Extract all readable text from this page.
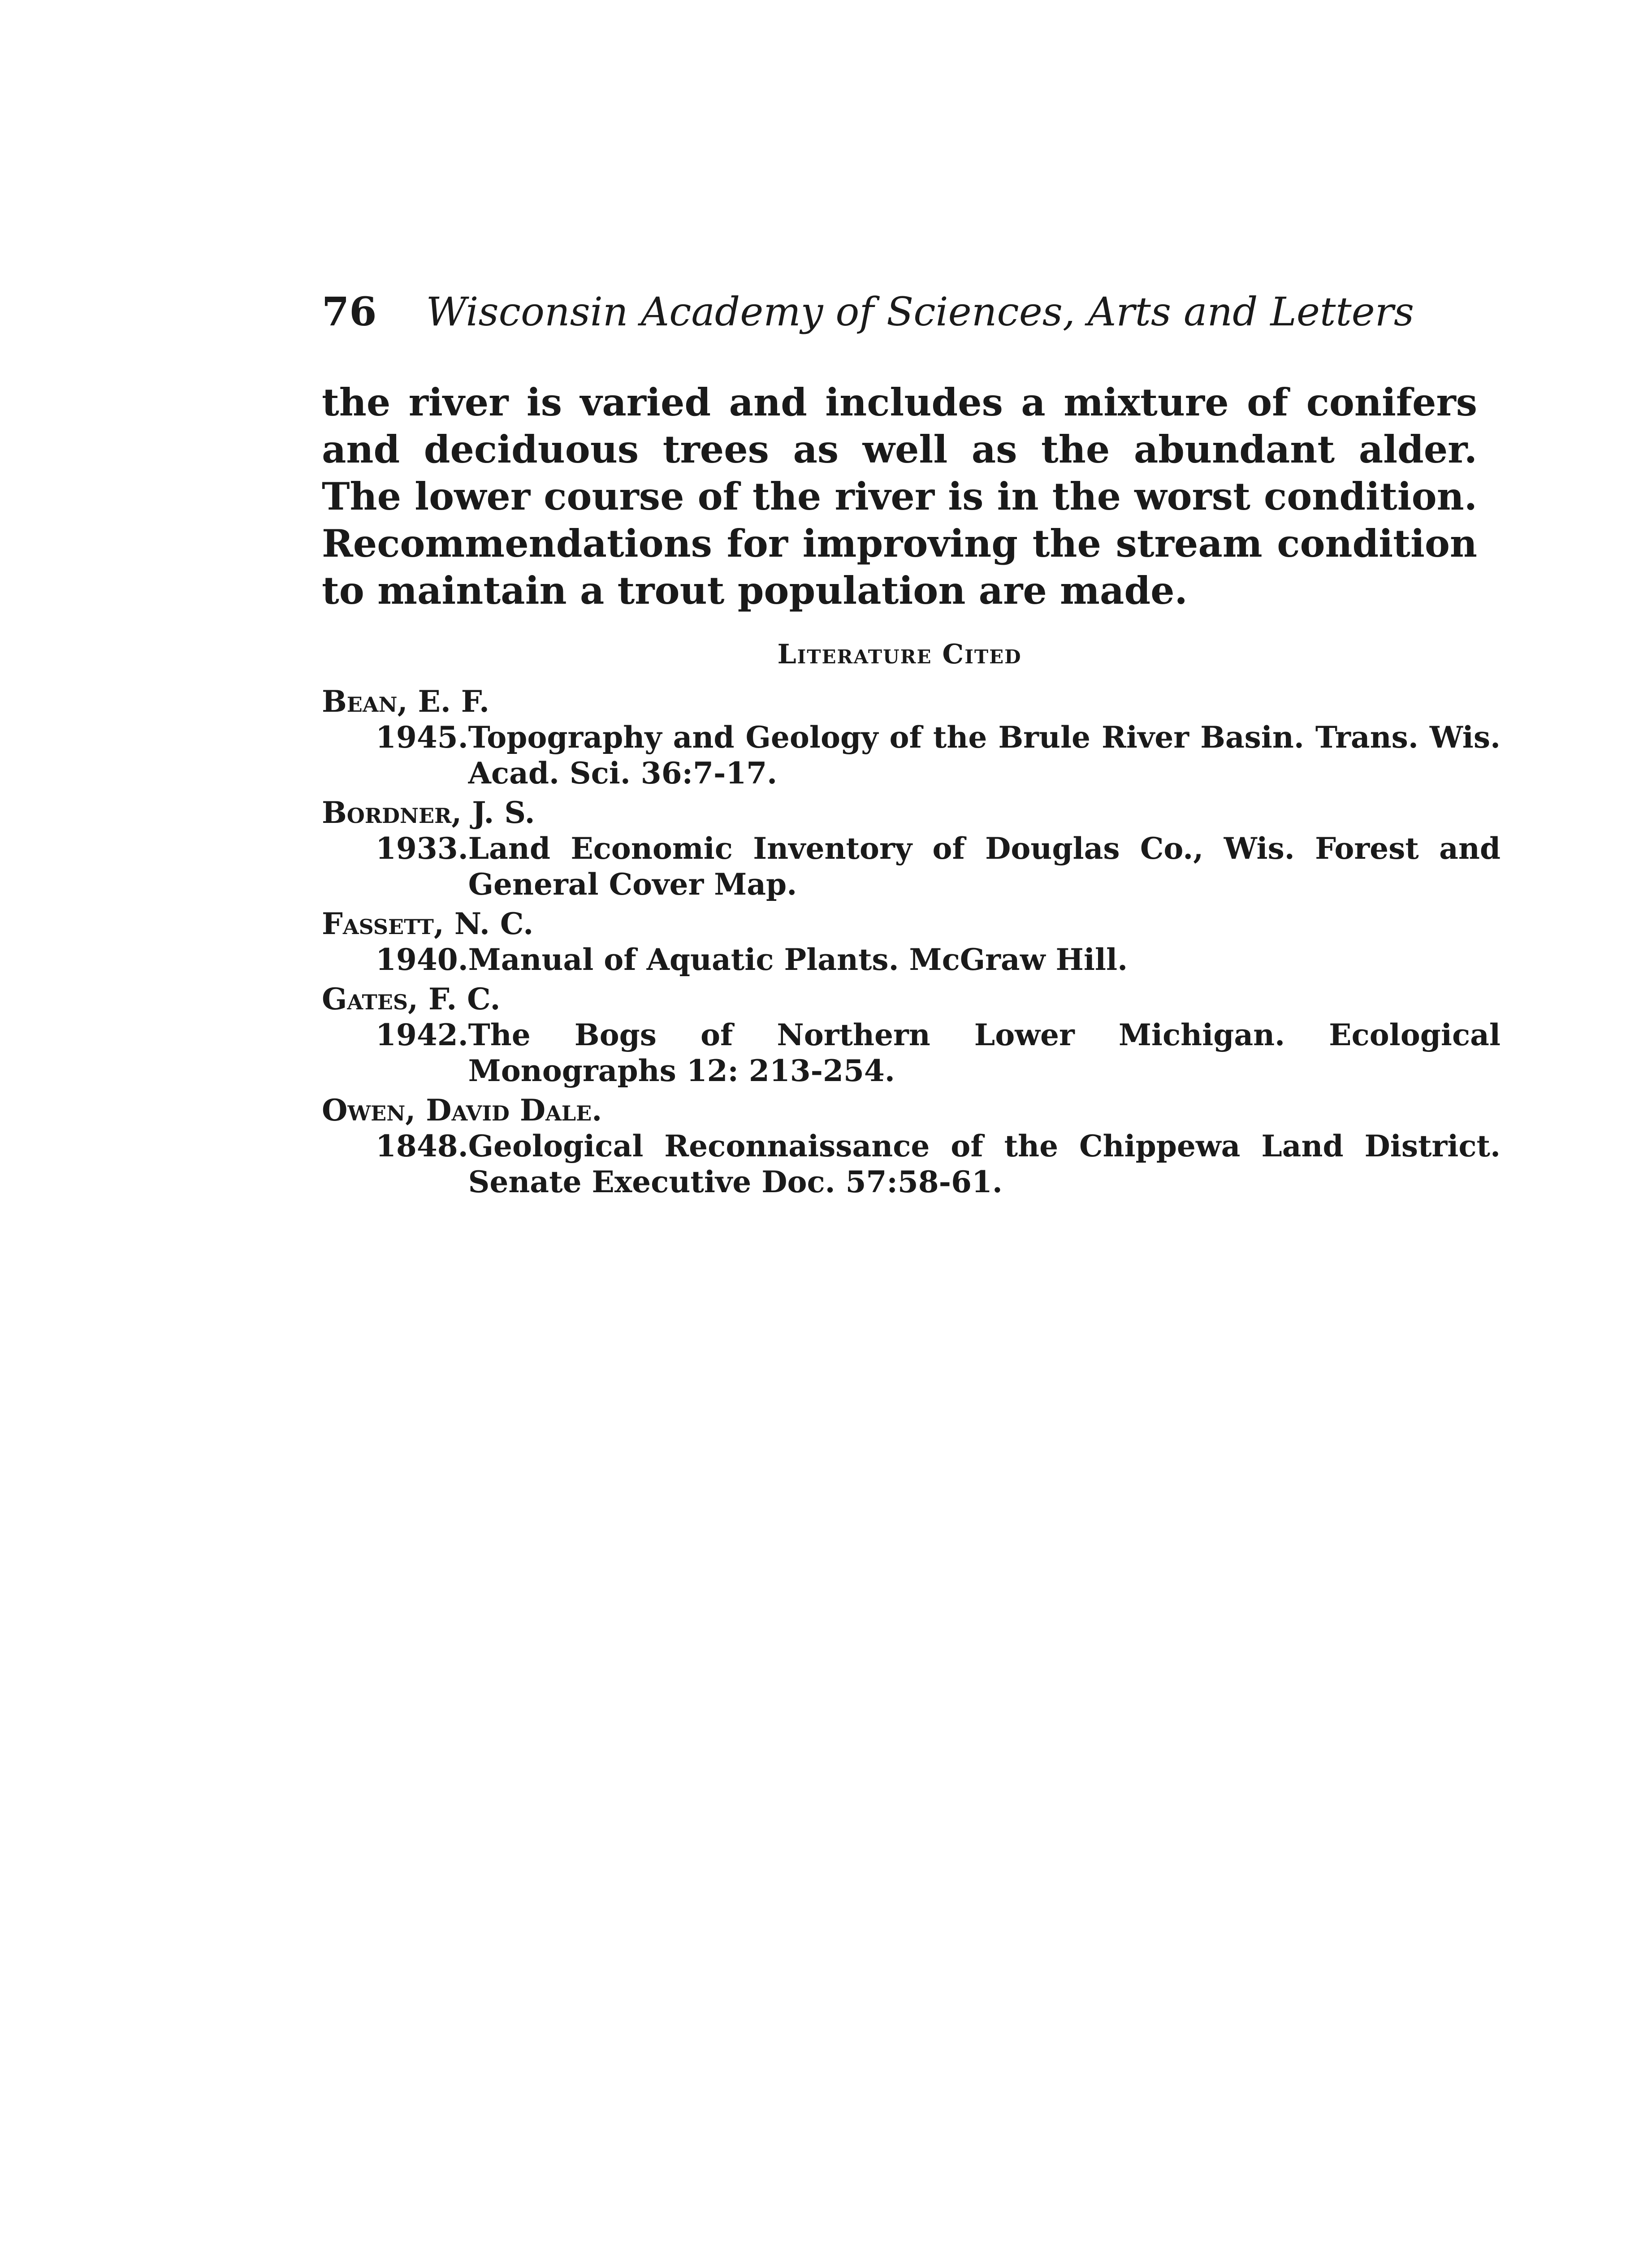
76 Wisconsin Academy of Sciences, Arts and Letters

the river is varied and includes a mixture of conifers and deciduous trees as well as the abundant alder. The lower course of the river is in the worst condition. Recommendations for improving the stream condition to maintain a trout population are made.

Literature Cited
Bean, E. F.
1945. Topography and Geology of the Brule River Basin. Trans. Wis. Acad. Sci. 36:7-17.
Bordner, J. S.
1933. Land Economic Inventory of Douglas Co., Wis. Forest and General Cover Map.
Fassett, N. C.
1940. Manual of Aquatic Plants. McGraw Hill.
Gates, F. C.
1942. The Bogs of Northern Lower Michigan. Ecological Monographs 12: 213-254.
Owen, David Dale.
1848. Geological Reconnaissance of the Chippewa Land District. Senate Executive Doc. 57:58-61.
